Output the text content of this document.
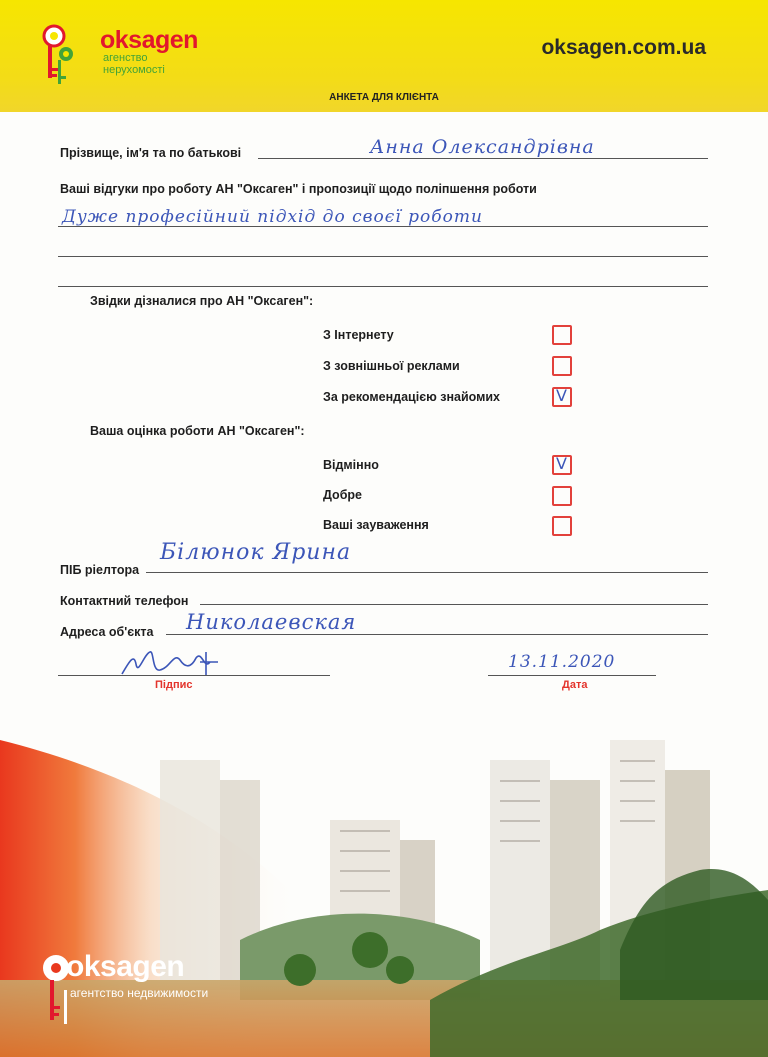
oksagen
агенство нерухомості
oksagen.com.ua
АНКЕТА ДЛЯ КЛІЄНТА
Прізвище, ім'я та по батькові	Анна Олександрівна
Ваші відгуки про роботу АН "Оксаген" і пропозиції щодо поліпшення роботи
Дуже професійний підхід до своєї роботи
Звідки дізналися про АН "Оксаген":
З Інтернету
З зовнішньої реклами
За рекомендацією знайомих	V
Ваша оцінка роботи АН "Оксаген":
Відмінно	V
Добре
Ваші зауваження
ПІБ ріелтора
Білюнок Ярина
Контактний телефон
Адреса об'єкта Николаевская
Підпис
13.11.2020
Дата
oksagen
агентство недвижимости
